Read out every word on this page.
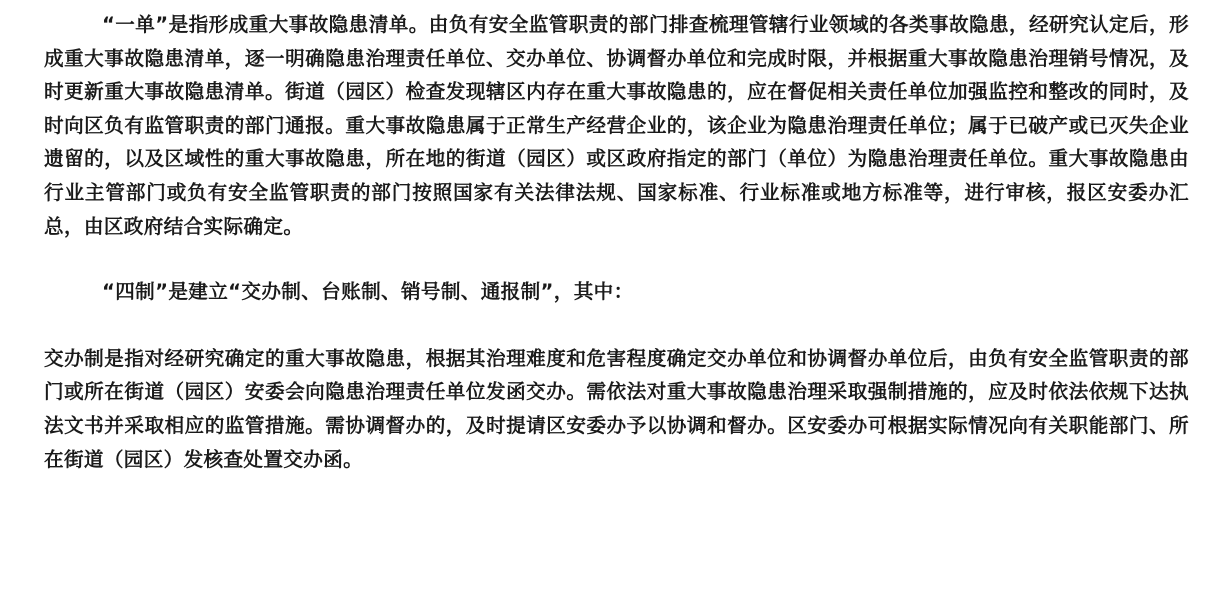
“一单”是指形成重大事故隐患清单。由负有安全监管职责的部门排查梳理管辖行业领域的各类事故隐患，经研究认定后，形成重大事故隐患清单，逐一明确隐患治理责任单位、交办单位、协调督办单位和完成时限，并根据重大事故隐患治理销号情况，及时更新重大事故隐患清单。街道（园区）检查发现辖区内存在重大事故隐患的，应在督促相关责任单位加强监控和整改的同时，及时向区负有监管职责的部门通报。重大事故隐患属于正常生产经营企业的，该企业为隐患治理责任单位；属于已破产或已灭失企业遗留的，以及区域性的重大事故隐患，所在地的街道（园区）或区政府指定的部门（单位）为隐患治理责任单位。重大事故隐患由行业主管部门或负有安全监管职责的部门按照国家有关法律法规、国家标准、行业标准或地方标准等，进行审核，报区安委办汇总，由区政府结合实际确定。

“四制”是建立“交办制、台账制、销号制、通报制”，其中：

交办制是指对经研究确定的重大事故隐患，根据其治理难度和危害程度确定交办单位和协调督办单位后，由负有安全监管职责的部门或所在街道（园区）安委会向隐患治理责任单位发函交办。需依法对重大事故隐患治理采取强制措施的，应及时依法依规下达执法文书并采取相应的监管措施。需协调督办的，及时提请区安委办予以协调和督办。区安委办可根据实际情况向有关职能部门、所在街道（园区）发核查处置交办函。
